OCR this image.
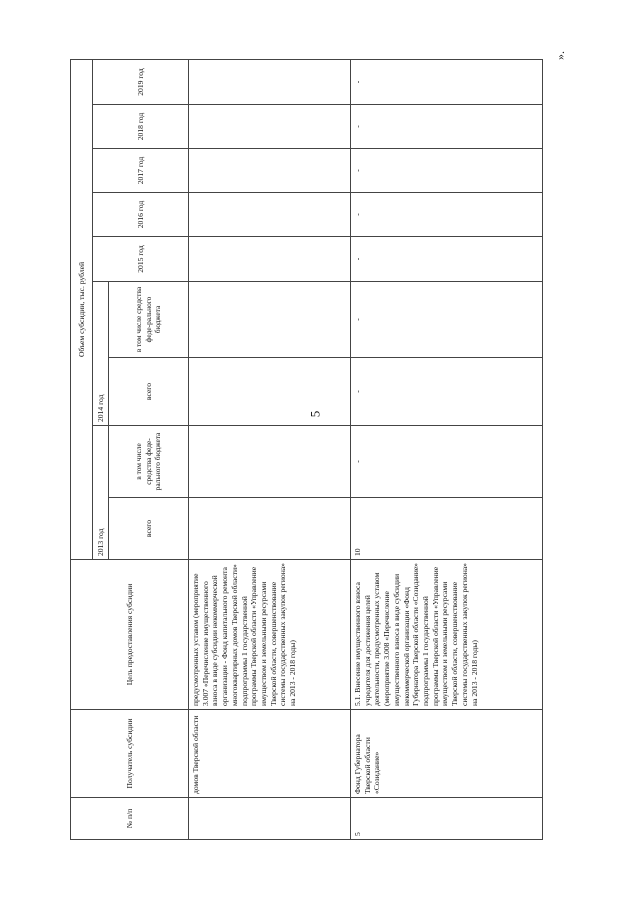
5
».
№ п/п	Получатель субсидии	Цель предоставления субсидии	Объем субсидии, тыс. рублей								
			2013 год		2014 год		2015 год	2016 год	2017 год	2018 год	2019 год
			всего	в том числе средства феде-рального бюджета	всего	в том числе средства феде-рального бюджета					
	домов Тверской области	предусмотренных уставом (мероприятие 3.007 «Перечисление имущественного взноса в виде субсидии некоммерческой организации - Фонд капитального ремонта многоквартирных домов Тверской области» подпрограммы 1 государственной программы Тверской области «Управление имуществом и земельными ресурсами Тверской области, совершенствование системы государственных закупок региона» на 2013 - 2018 годы)									
5	Фонд Губернатора Тверской области «Созидание»	5.1. Внесение имущественного взноса учредителя для достижения целей деятельности, предусмотренных уставом (мероприятие 3.008 «Перечисление имущественного взноса в виде субсидии некоммерческой организации «Фонд Губернатора Тверской области «Созидание» подпрограммы 1 государственной программы Тверской области «Управление имуществом и земельными ресурсами Тверской области, совершенствование системы государственных закупок региона» на 2013 - 2018 годы)	10	-	-	-	-	-	-	-	-
